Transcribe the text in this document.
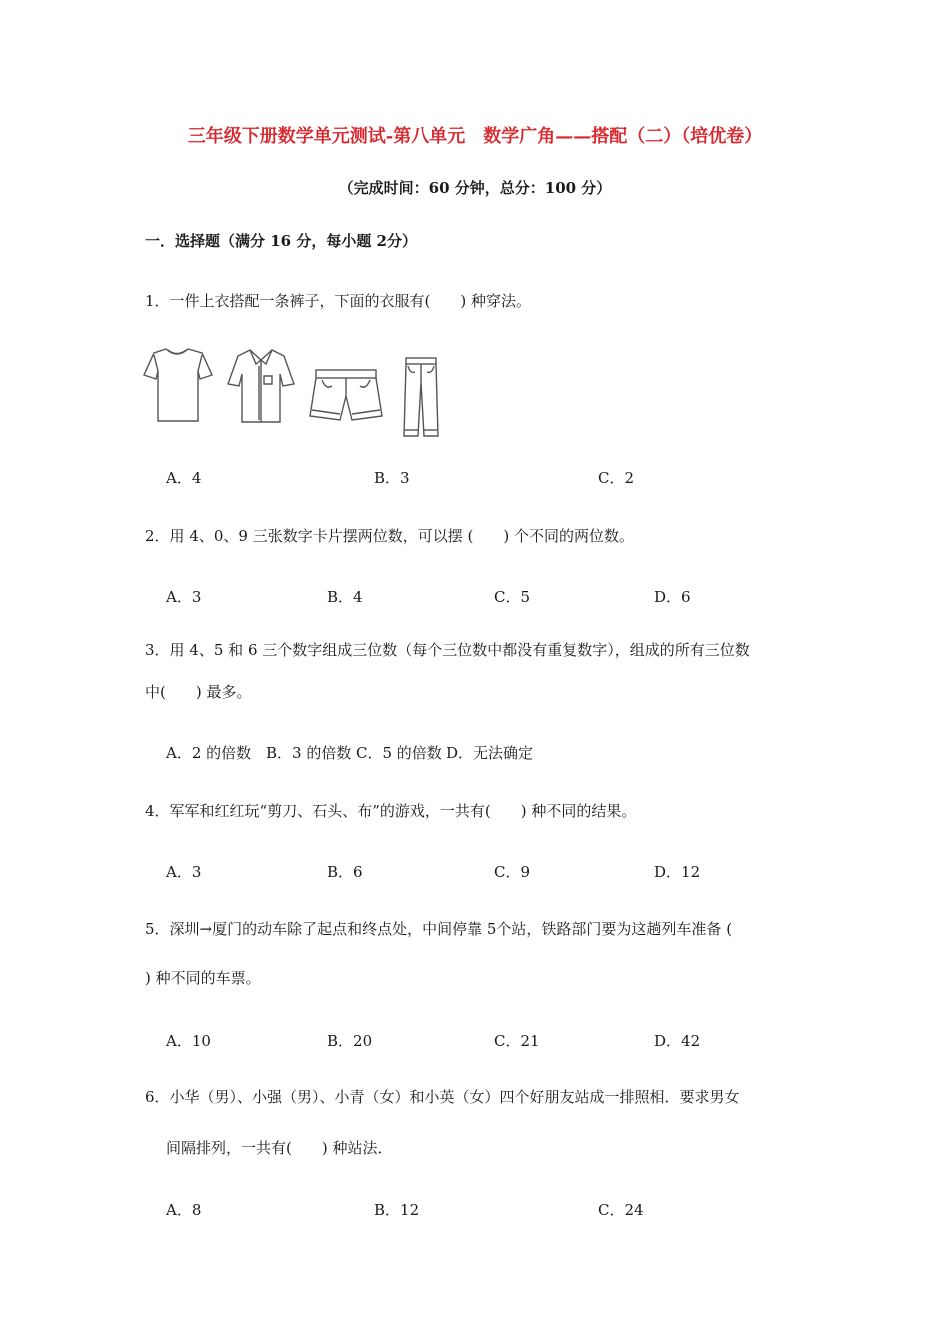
三年级下册数学单元测试-第八单元　数学广角——搭配（二）（培优卷）
（完成时间：60 分钟，总分：100 分）
一．选择题（满分 16 分，每小题 2分）
1．一件上衣搭配一条裤子，下面的衣服有(　　) 种穿法。
A．4	B．3	C．2
2．用 4、0、9 三张数字卡片摆两位数，可以摆 (　　) 个不同的两位数。
A．3	B．4	C．5	D．6
3．用 4、5 和 6 三个数字组成三位数（每个三位数中都没有重复数字），组成的所有三位数
中(　　) 最多。
A．2 的倍数 B．3 的倍数 C．5 的倍数 D．无法确定
4．军军和红红玩“剪刀、石头、布”的游戏，一共有(　　) 种不同的结果。
A．3	B．6	C．9	D．12
5．深圳→厦门的动车除了起点和终点处，中间停靠 5个站，铁路部门要为这趟列车准备 (
) 种不同的车票。
A．10	B．20	C．21	D．42
6．小华（男）、小强（男）、小青（女）和小英（女）四个好朋友站成一排照相．要求男女
间隔排列，一共有(　　) 种站法．
A．8	B．12	C．24
